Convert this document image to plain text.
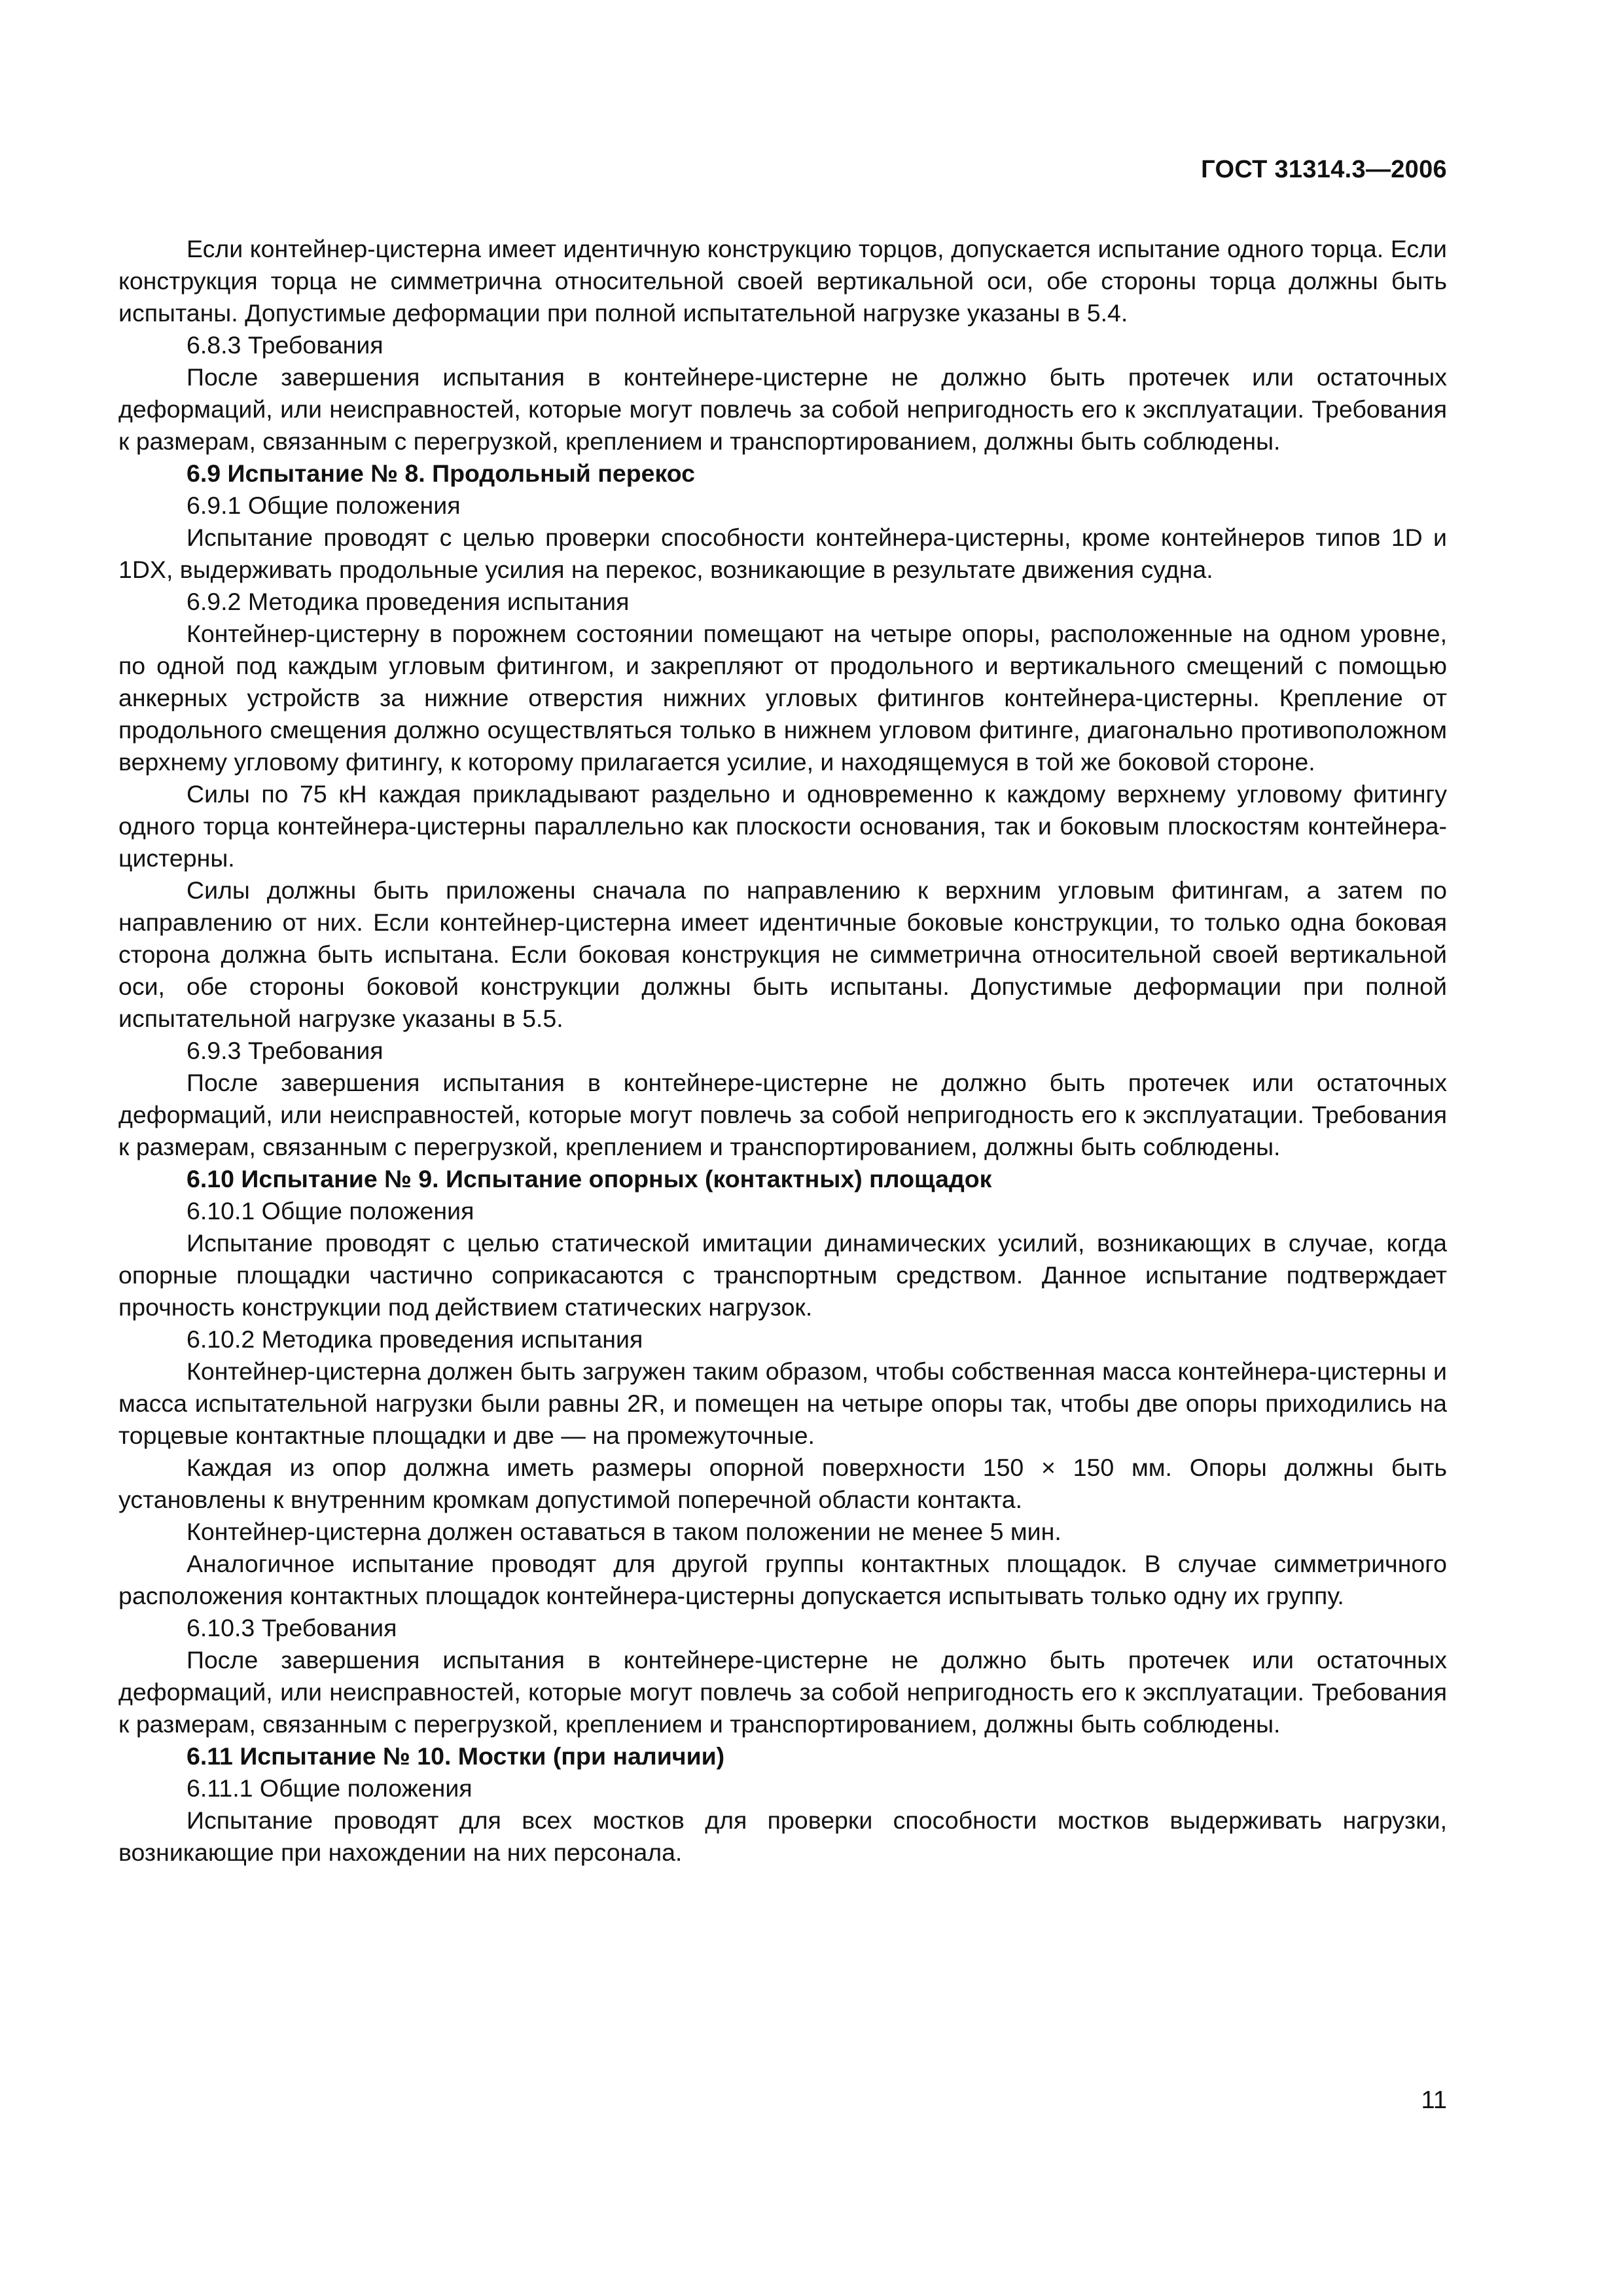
ГОСТ 31314.3—2006

Если контейнер-цистерна имеет идентичную конструкцию торцов, допускается испытание одного торца. Если конструкция торца не симметрична относительной своей вертикальной оси, обе стороны торца должны быть испытаны. Допустимые деформации при полной испытательной нагрузке указаны в 5.4.

6.8.3 Требования

После завершения испытания в контейнере-цистерне не должно быть протечек или остаточных деформаций, или неисправностей, которые могут повлечь за собой непригодность его к эксплуатации. Требования к размерам, связанным с перегрузкой, креплением и транспортированием, должны быть соблюдены.

6.9 Испытание № 8. Продольный перекос

6.9.1 Общие положения

Испытание проводят с целью проверки способности контейнера-цистерны, кроме контейнеров типов 1D и 1DX, выдерживать продольные усилия на перекос, возникающие в результате движения судна.

6.9.2 Методика проведения испытания

Контейнер-цистерну в порожнем состоянии помещают на четыре опоры, расположенные на одном уровне, по одной под каждым угловым фитингом, и закрепляют от продольного и вертикального смещений с помощью анкерных устройств за нижние отверстия нижних угловых фитингов контейнера-цистерны. Крепление от продольного смещения должно осуществляться только в нижнем угловом фитинге, диагонально противоположном верхнему угловому фитингу, к которому прилагается усилие, и находящемуся в той же боковой стороне.

Силы по 75 кН каждая прикладывают раздельно и одновременно к каждому верхнему угловому фитингу одного торца контейнера-цистерны параллельно как плоскости основания, так и боковым плоскостям контейнера-цистерны.

Силы должны быть приложены сначала по направлению к верхним угловым фитингам, а затем по направлению от них. Если контейнер-цистерна имеет идентичные боковые конструкции, то только одна боковая сторона должна быть испытана. Если боковая конструкция не симметрична относительной своей вертикальной оси, обе стороны боковой конструкции должны быть испытаны. Допустимые деформации при полной испытательной нагрузке указаны в 5.5.

6.9.3 Требования

После завершения испытания в контейнере-цистерне не должно быть протечек или остаточных деформаций, или неисправностей, которые могут повлечь за собой непригодность его к эксплуатации. Требования к размерам, связанным с перегрузкой, креплением и транспортированием, должны быть соблюдены.

6.10 Испытание № 9. Испытание опорных (контактных) площадок

6.10.1 Общие положения

Испытание проводят с целью статической имитации динамических усилий, возникающих в случае, когда опорные площадки частично соприкасаются с транспортным средством. Данное испытание подтверждает прочность конструкции под действием статических нагрузок.

6.10.2 Методика проведения испытания

Контейнер-цистерна должен быть загружен таким образом, чтобы собственная масса контейнера-цистерны и масса испытательной нагрузки были равны 2R, и помещен на четыре опоры так, чтобы две опоры приходились на торцевые контактные площадки и две — на промежуточные.

Каждая из опор должна иметь размеры опорной поверхности 150 × 150 мм. Опоры должны быть установлены к внутренним кромкам допустимой поперечной области контакта.

Контейнер-цистерна должен оставаться в таком положении не менее 5 мин.

Аналогичное испытание проводят для другой группы контактных площадок. В случае симметричного расположения контактных площадок контейнера-цистерны допускается испытывать только одну их группу.

6.10.3 Требования

После завершения испытания в контейнере-цистерне не должно быть протечек или остаточных деформаций, или неисправностей, которые могут повлечь за собой непригодность его к эксплуатации. Требования к размерам, связанным с перегрузкой, креплением и транспортированием, должны быть соблюдены.

6.11 Испытание № 10. Мостки (при наличии)

6.11.1 Общие положения

Испытание проводят для всех мостков для проверки способности мостков выдерживать нагрузки, возникающие при нахождении на них персонала.

11
